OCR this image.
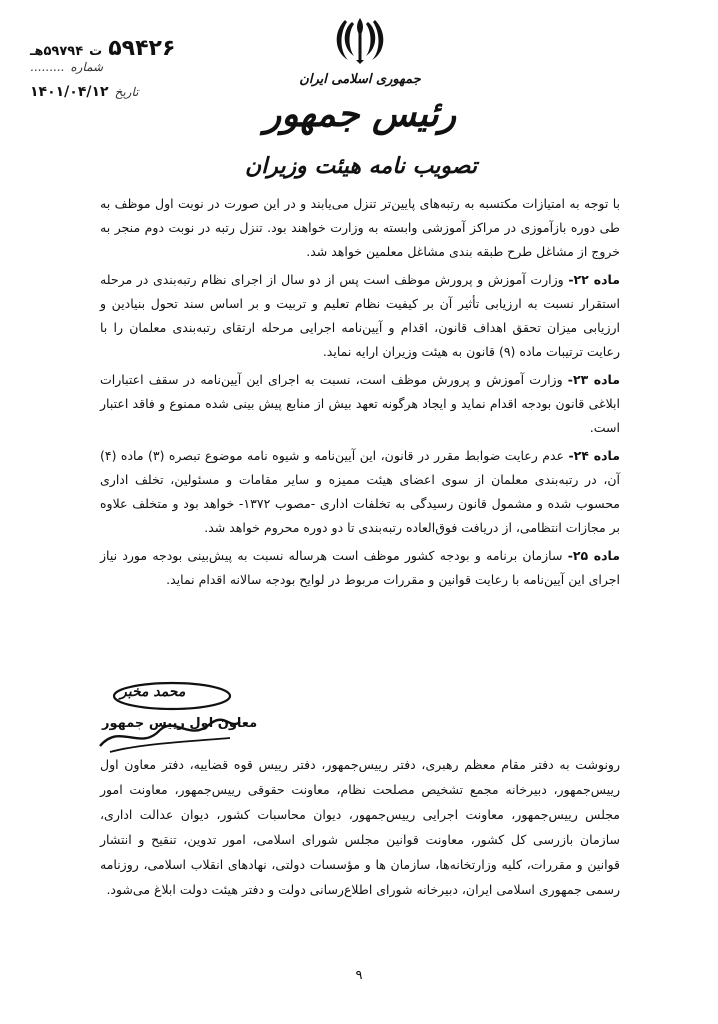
۵۹۴۲۶
ت
۵۹۷۹۴هـ
شماره
.........
تاریخ
۱۴۰۱/۰۴/۱۲
جمهوری اسلامی ایران
رئیس جمهور
تصویب نامه هیئت وزیران

با توجه به امتیازات مکتسبه به رتبه‌های پایین‌تر تنزل می‌یابند و در این صورت در نوبت اول موظف به طی دوره بازآموزی در مراکز آموزشی وابسته به وزارت خواهند بود. تنزل رتبه در نوبت دوم منجر به خروج از مشاغل طرح طبقه بندی مشاغل معلمین خواهد شد.

ماده ۲۲- وزارت آموزش و پرورش موظف است پس از دو سال از اجرای نظام رتبه‌بندی در مرحله استقرار نسبت به ارزیابی تأثیر آن بر کیفیت نظام تعلیم و تربیت و بر اساس سند تحول بنیادین و ارزیابی میزان تحقق اهداف قانون، اقدام و آیین‌نامه اجرایی مرحله ارتقای رتبه‌بندی معلمان را با رعایت ترتیبات ماده (۹) قانون به هیئت وزیران ارایه نماید.

ماده ۲۳- وزارت آموزش و پرورش موظف است، نسبت به اجرای این آیین‌نامه در سقف اعتبارات ابلاغی قانون بودجه اقدام نماید و ایجاد هرگونه تعهد بیش از منابع پیش بینی شده ممنوع و فاقد اعتبار است.

ماده ۲۴- عدم رعایت ضوابط مقرر در قانون، این آیین‌نامه و شیوه نامه موضوع تبصره (۳) ماده (۴) آن، در رتبه‌بندی معلمان از سوی اعضای هیئت ممیزه و سایر مقامات و مسئولین، تخلف اداری محسوب شده و مشمول قانون رسیدگی به تخلفات اداری -مصوب ۱۳۷۲- خواهد بود و متخلف علاوه بر مجازات انتظامی، از دریافت فوق‌العاده رتبه‌بندی تا دو دوره محروم خواهد شد.

ماده ۲۵- سازمان برنامه و بودجه کشور موظف است هرساله نسبت به پیش‌بینی بودجه مورد نیاز اجرای این آیین‌نامه با رعایت قوانین و مقررات مربوط در لوایح بودجه سالانه اقدام نماید.

محمد مخبر
معاون اول رییس جمهور
رونوشت به دفتر مقام معظم رهبری، دفتر رییس‌جمهور، دفتر رییس قوه قضاییه، دفتر معاون اول رییس‌جمهور، دبیرخانه مجمع تشخیص مصلحت نظام، معاونت حقوقی رییس‌جمهور، معاونت امور مجلس رییس‌جمهور، معاونت اجرایی رییس‌جمهور، دیوان محاسبات کشور، دیوان عدالت اداری، سازمان بازرسی کل کشور، معاونت قوانین مجلس شورای اسلامی، امور تدوین، تنقیح و انتشار قوانین و مقررات، کلیه وزارتخانه‌ها، سازمان ها و مؤسسات دولتی، نهادهای انقلاب اسلامی، روزنامه رسمی جمهوری اسلامی ایران، دبیرخانه شورای اطلاع‌رسانی دولت و دفتر هیئت دولت ابلاغ می‌شود.
۹
